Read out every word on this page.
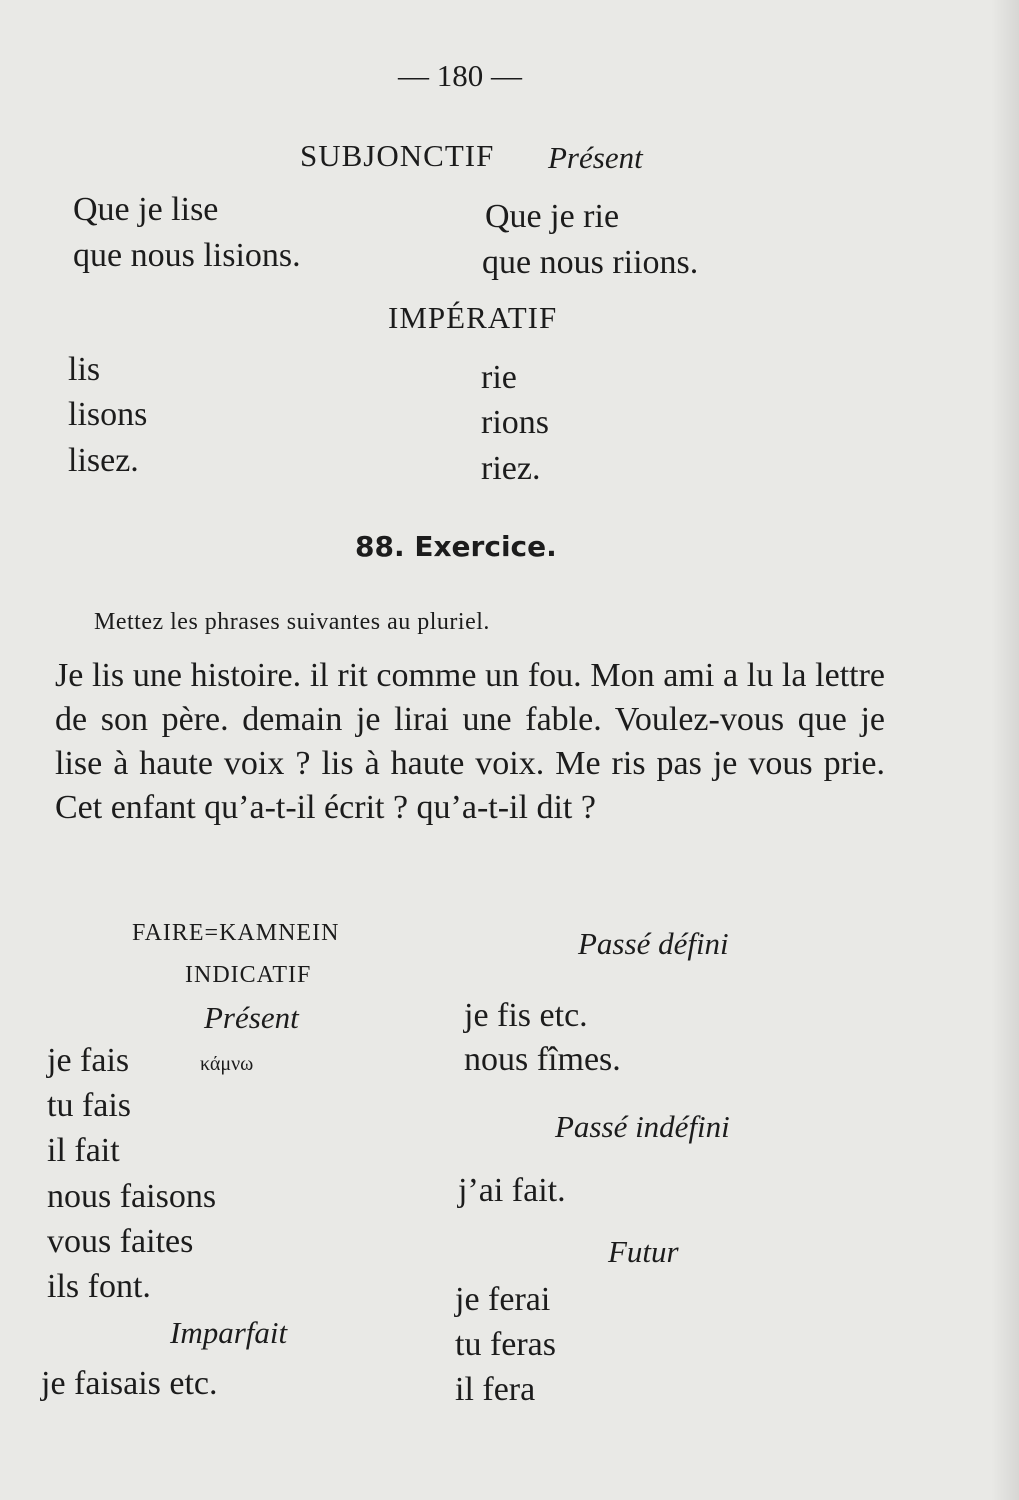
— 180 —
SUBJONCTIF Présent
Que je lise
que nous lisions.
Que je rie
que nous riions.
IMPÉRATIF
lis
lisons
lisez.
rie
rions
riez.
88. Exercice.
Mettez les phrases suivantes au pluriel.

Je lis une histoire. il rit comme un fou. Mon ami a lu la lettre de son père. demain je lirai une fable. Voulez-vous que je lise à haute voix ? lis à haute voix. Me ris pas je vous prie. Cet enfant qu’a-t-il écrit ? qu’a-t-il dit ?

FAIRE=KAMNEIN
INDICATIF
Présent
je fais	κάμνω
tu fais
il fait
nous faisons
vous faites
ils font.
Imparfait
je faisais etc.
Passé défini
je fis etc.
nous fîmes.
Passé indéfini
j’ai fait.
Futur
je ferai
tu feras
il fera
